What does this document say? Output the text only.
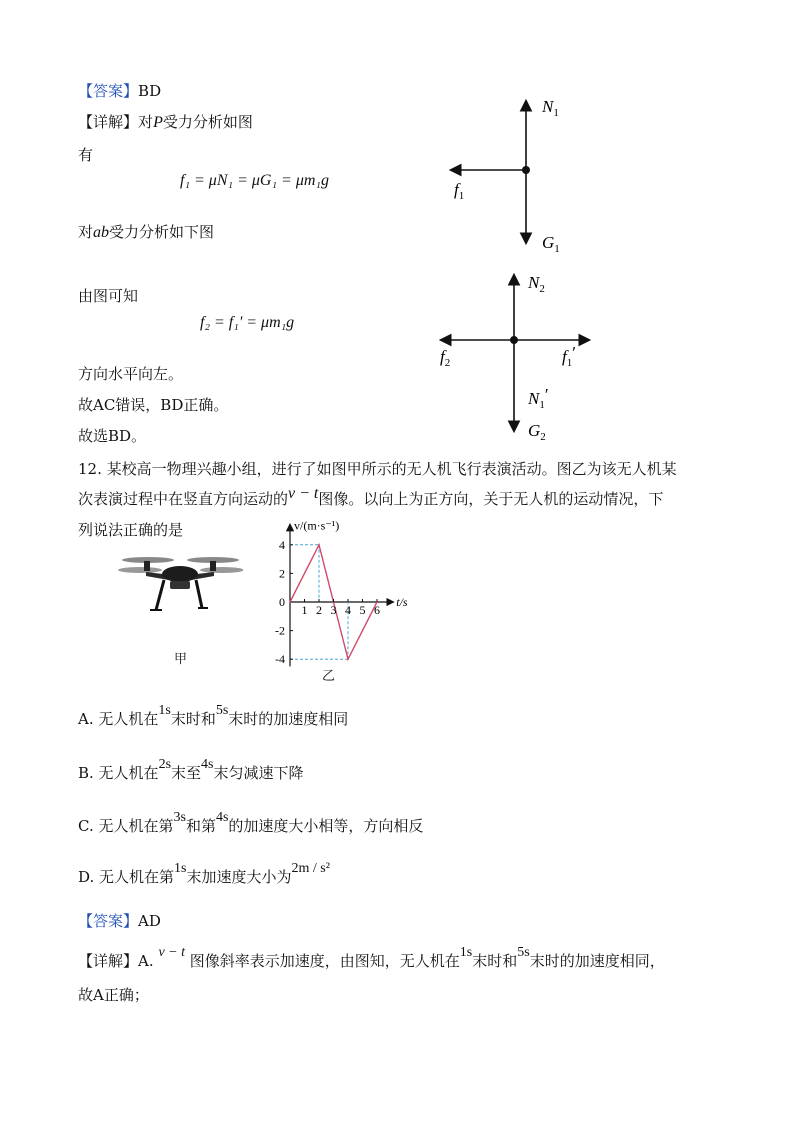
【答案】BD
【详解】对P受力分析如图
有
f₁ = μN₁ = μG₁ = μm₁g
对ab受力分析如下图
由图可知
f₂ = f₁' = μm₁g
方向水平向左。
故AC错误，BD正确。
故选BD。
$N_1$
$f_1$
$G_1$
$N_2$
$f_2$	$f_1'$
$N_1'$
$G_2$
12. 某校高一物理兴趣小组，进行了如图甲所示的无人机飞行表演活动。图乙为该无人机某
次表演过程中在竖直方向运动的v − t图像。以向上为正方向，关于无人机的运动情况，下
列说法正确的是
甲
1 2 3 4 5 6
4
2
0
-2
-4
v/(m·s⁻¹)
t/s
乙
A. 无人机在1s末时和5s末时的加速度相同
B. 无人机在2s末至4s末匀减速下降
C. 无人机在第3s和第4s的加速度大小相等，方向相反
D. 无人机在第1s末加速度大小为2m / s²
【答案】AD
【详解】A. v − t 图像斜率表示加速度，由图知，无人机在1s末时和5s末时的加速度相同，
故A正确；
